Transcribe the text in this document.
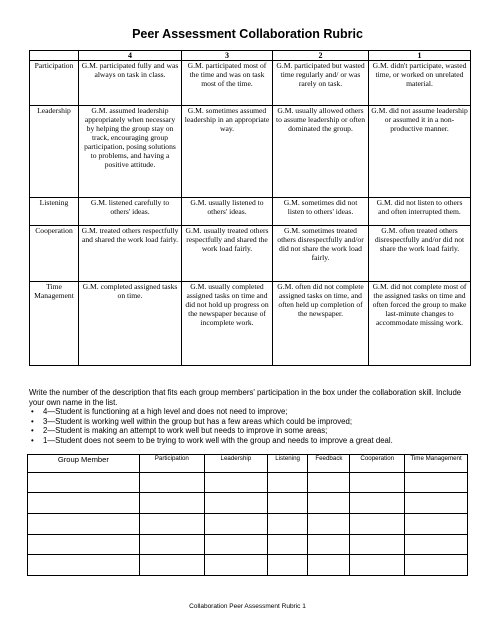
Peer Assessment Collaboration Rubric
	4	3	2	1
Participation	G.M. participated fully and was always on task in class.	G.M. participated most of the time and was on task most of the time.	G.M. participated but wasted time regularly and/ or was rarely on task.	G.M. didn't participate, wasted time, or worked on unrelated material.
Leadership	G.M. assumed leadership appropriately when necessary by helping the group stay on track, encouraging group participation, posing solutions to problems, and having a positive attitude.	G.M. sometimes assumed leadership in an appropriate way.	G.M. usually allowed others to assume leadership or often dominated the group.	G.M. did not assume leadership or assumed it in a non-productive manner.
Listening	G.M. listened carefully to others' ideas.	G.M. usually listened to others' ideas.	G.M. sometimes did not listen to others' ideas.	G.M. did not listen to others and often interrupted them.
Cooperation	G.M. treated others respectfully and shared the work load fairly.	G.M. usually treated others respectfully and shared the work load fairly.	G.M. sometimes treated others disrespectfully and/or did not share the work load fairly.	G.M. often treated others disrespectfully and/or did not share the work load fairly.
Time Management	G.M. completed assigned tasks on time.	G.M. usually completed assigned tasks on time and did not hold up progress on the newspaper because of incomplete work.	G.M. often did not complete assigned tasks on time, and often held up completion of the newspaper.	G.M. did not complete most of the assigned tasks on time and often forced the group to make last-minute changes to accommodate missing work.

Write the number of the description that fits each group members' participation in the box under the collaboration skill. Include your own name in the list.

• 4—Student is functioning at a high level and does not need to improve;
• 3—Student is working well within the group but has a few areas which could be improved;
• 2—Student is making an attempt to work well but needs to improve in some areas;
• 1—Student does not seem to be trying to work well with the group and needs to improve a great deal.
Group Member	Participation	Leadership	Listening	Feedback	Cooperation	Time Management

Collaboration Peer Assessment Rubric 1
